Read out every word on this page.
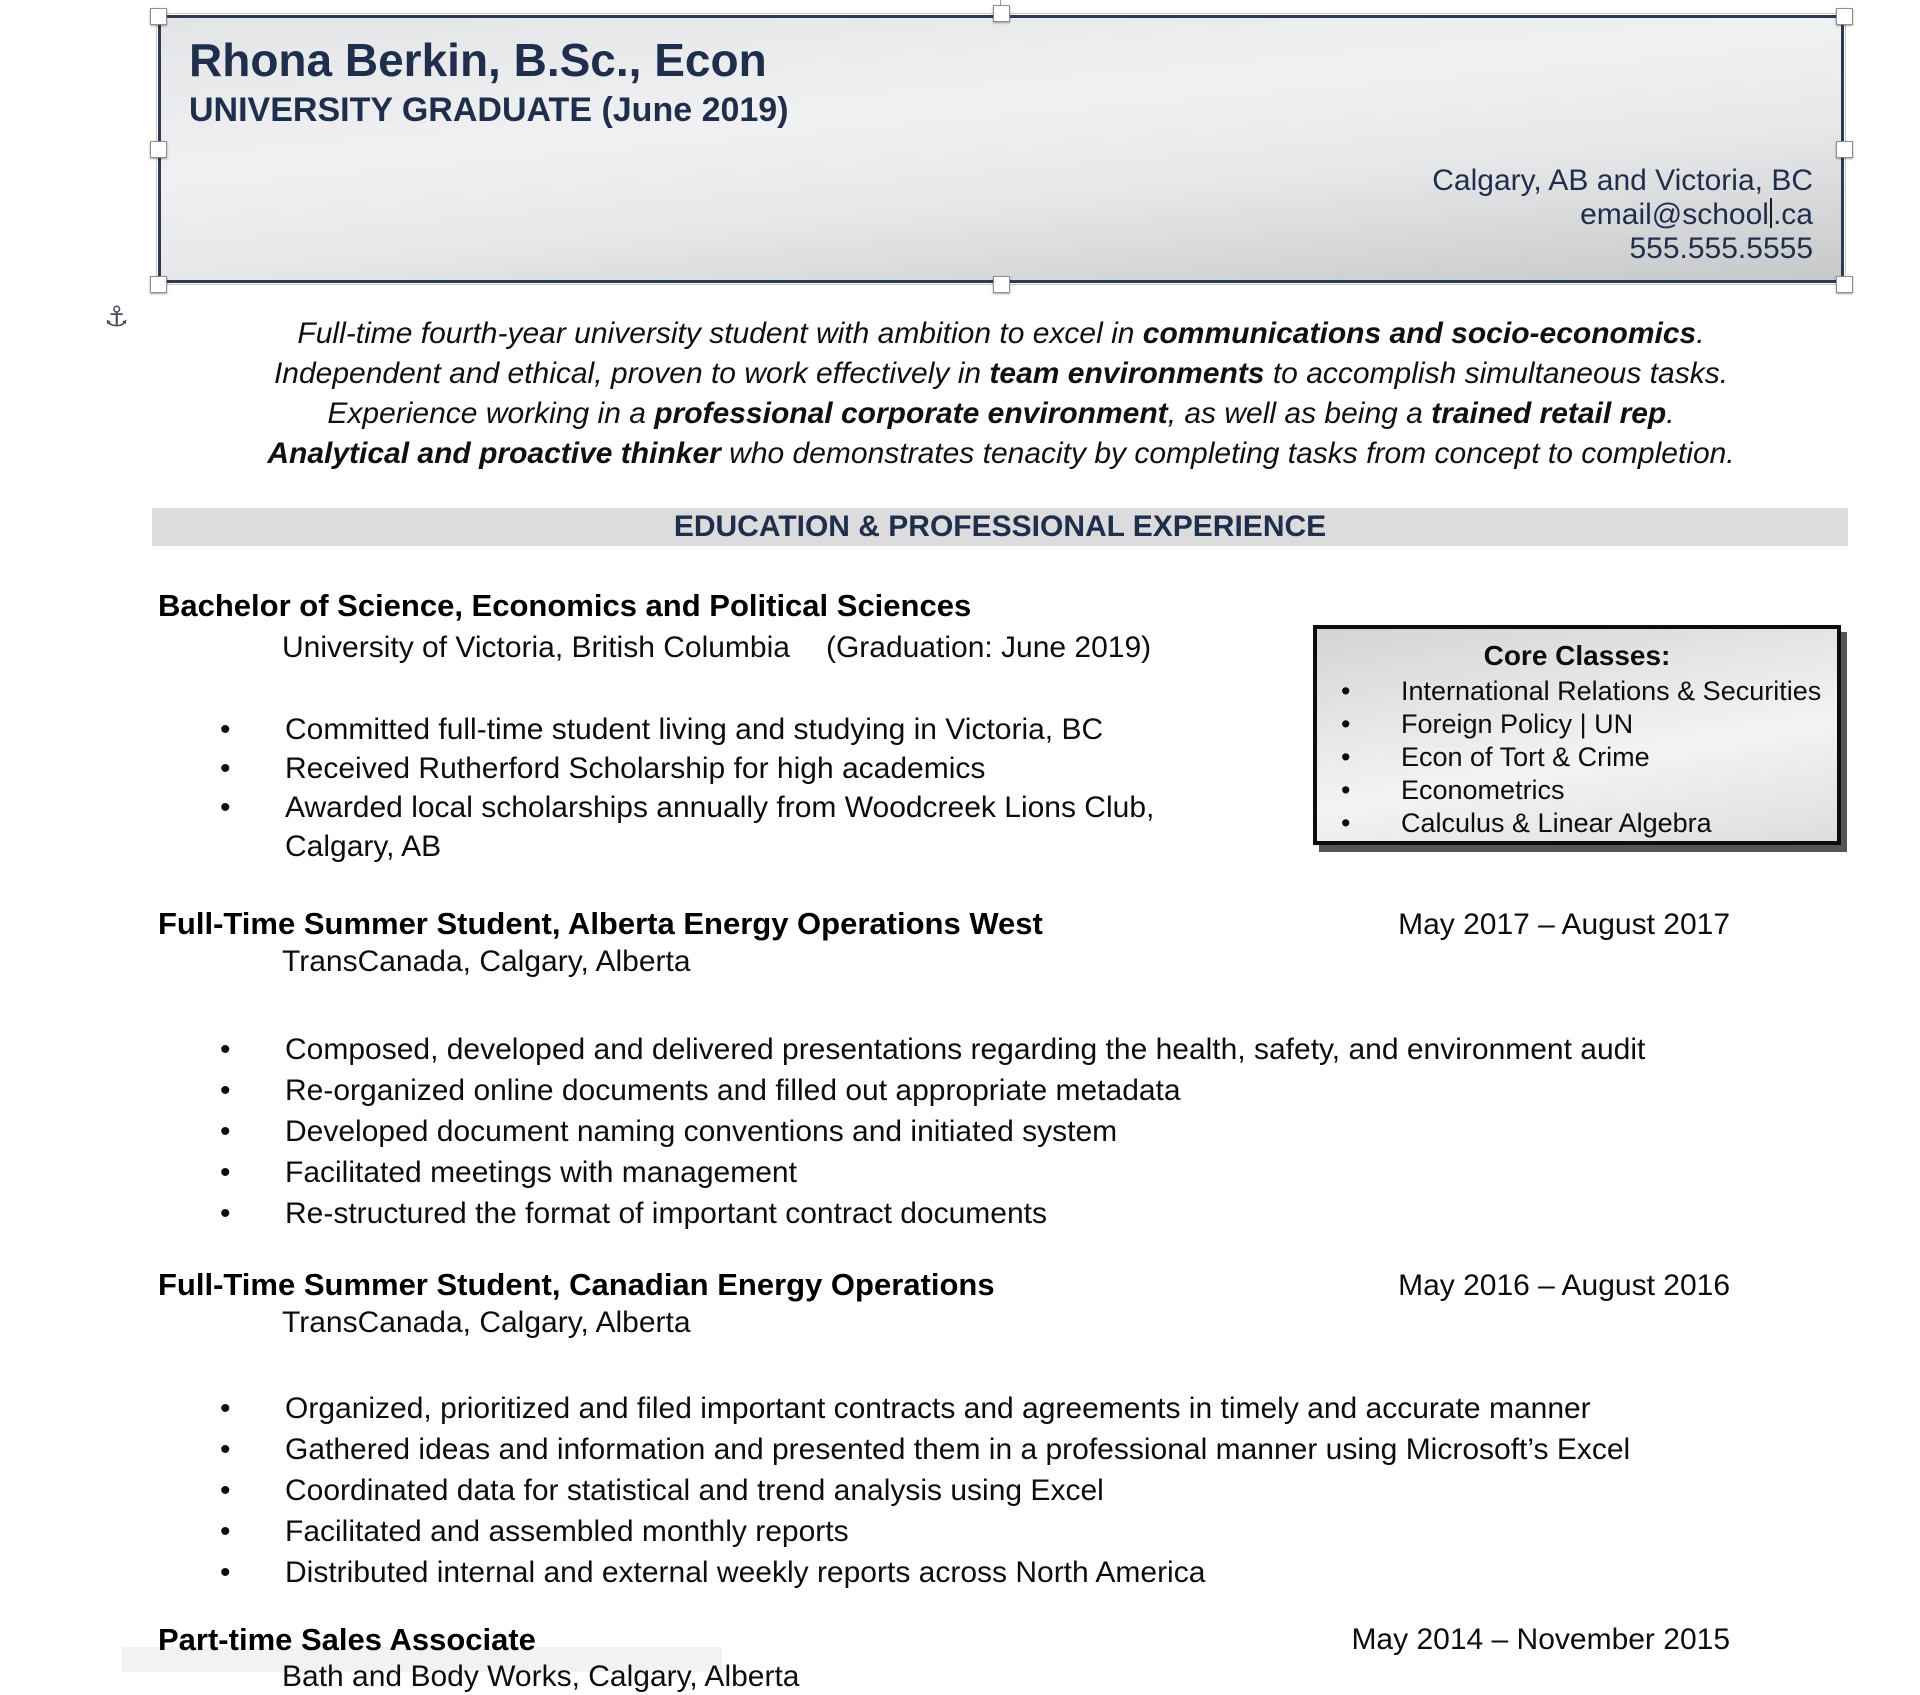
Rhona Berkin, B.Sc., Econ
UNIVERSITY GRADUATE (June 2019)
Calgary, AB and Victoria, BC
email@school .ca
555.555.5555
⚓
Full-time fourth-year university student with ambition to excel in communications and socio-economics.
Independent and ethical, proven to work effectively in team environments to accomplish simultaneous tasks.
Experience working in a professional corporate environment, as well as being a trained retail rep.
Analytical and proactive thinker who demonstrates tenacity by completing tasks from concept to completion.
EDUCATION & PROFESSIONAL EXPERIENCE
Bachelor of Science, Economics and Political Sciences
University of Victoria, British Columbia (Graduation: June 2019)
• Committed full-time student living and studying in Victoria, BC
• Received Rutherford Scholarship for high academics
• Awarded local scholarships annually from Woodcreek Lions Club,
Calgary, AB
Core Classes:
• International Relations & Securities
• Foreign Policy | UN
• Econ of Tort & Crime
• Econometrics
• Calculus & Linear Algebra
Full-Time Summer Student, Alberta Energy Operations West	May 2017 – August 2017
TransCanada, Calgary, Alberta
• Composed, developed and delivered presentations regarding the health, safety, and environment audit
• Re-organized online documents and filled out appropriate metadata
• Developed document naming conventions and initiated system
• Facilitated meetings with management
• Re-structured the format of important contract documents
Full-Time Summer Student, Canadian Energy Operations	May 2016 – August 2016
TransCanada, Calgary, Alberta
• Organized, prioritized and filed important contracts and agreements in timely and accurate manner
• Gathered ideas and information and presented them in a professional manner using Microsoft’s Excel
• Coordinated data for statistical and trend analysis using Excel
• Facilitated and assembled monthly reports
• Distributed internal and external weekly reports across North America
Part-time Sales Associate	May 2014 – November 2015
Bath and Body Works, Calgary, Alberta
